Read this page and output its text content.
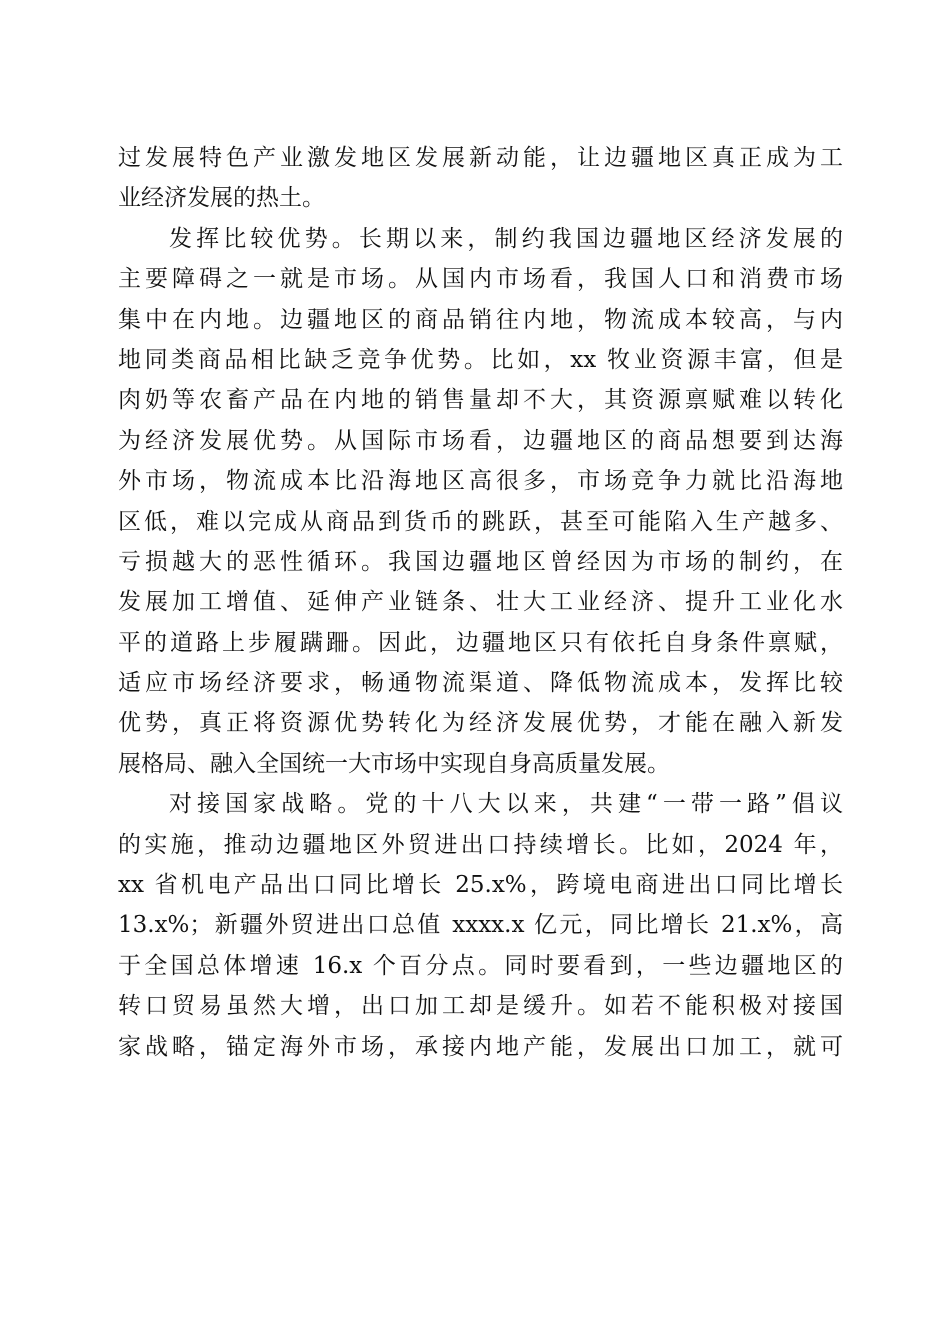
过发展特色产业激发地区发展新动能，让边疆地区真正成为工
业经济发展的热土。
发挥比较优势。长期以来，制约我国边疆地区经济发展的
主要障碍之一就是市场。从国内市场看，我国人口和消费市场
集中在内地。边疆地区的商品销往内地，物流成本较高，与内
地同类商品相比缺乏竞争优势。比如，xx 牧业资源丰富，但是
肉奶等农畜产品在内地的销售量却不大，其资源禀赋难以转化
为经济发展优势。从国际市场看，边疆地区的商品想要到达海
外市场，物流成本比沿海地区高很多，市场竞争力就比沿海地
区低，难以完成从商品到货币的跳跃，甚至可能陷入生产越多、
亏损越大的恶性循环。我国边疆地区曾经因为市场的制约，在
发展加工增值、延伸产业链条、壮大工业经济、提升工业化水
平的道路上步履蹒跚。因此，边疆地区只有依托自身条件禀赋，
适应市场经济要求，畅通物流渠道、降低物流成本，发挥比较
优势，真正将资源优势转化为经济发展优势，才能在融入新发
展格局、融入全国统一大市场中实现自身高质量发展。
对接国家战略。党的十八大以来，共建“一带一路”倡议
的实施，推动边疆地区外贸进出口持续增长。比如，2024 年，
xx 省机电产品出口同比增长 25.x%，跨境电商进出口同比增长
13.x%；新疆外贸进出口总值 xxxx.x 亿元，同比增长 21.x%，高
于全国总体增速 16.x 个百分点。同时要看到，一些边疆地区的
转口贸易虽然大增，出口加工却是缓升。如若不能积极对接国
家战略，锚定海外市场，承接内地产能，发展出口加工，就可
